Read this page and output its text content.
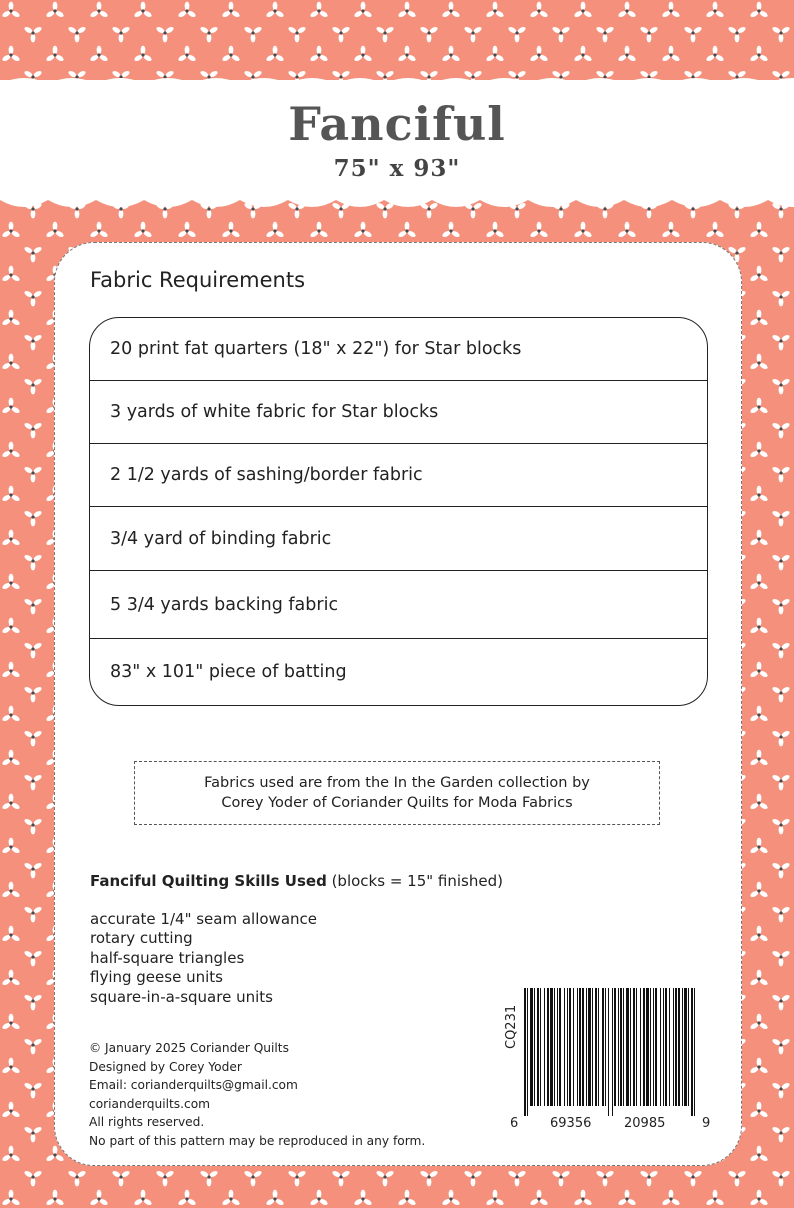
Fanciful
75" x 93"
Fabric Requirements
20 print fat quarters (18" x 22") for Star blocks
3 yards of white fabric for Star blocks
2 1/2 yards of sashing/border fabric
3/4 yard of binding fabric
5 3/4 yards backing fabric
83" x 101" piece of batting
Fabrics used are from the In the Garden collection by
Corey Yoder of Coriander Quilts for Moda Fabrics
Fanciful Quilting Skills Used (blocks = 15" finished)
accurate 1/4" seam allowance
rotary cutting
half-square triangles
flying geese units
square-in-a-square units
© January 2025 Coriander Quilts
Designed by Corey Yoder
Email: corianderquilts@gmail.com
corianderquilts.com
All rights reserved.
No part of this pattern may be reproduced in any form.
CQ231
6 69356	20985	9
